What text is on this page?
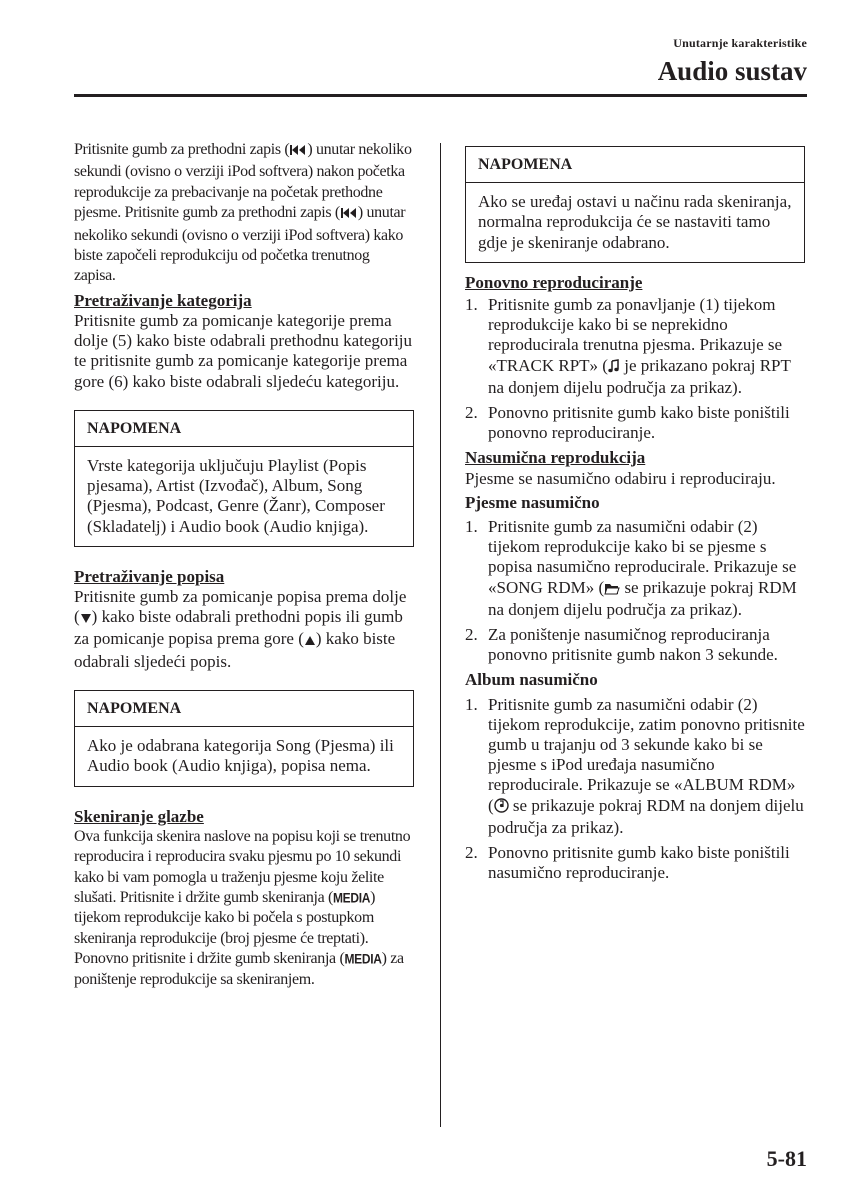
Unutarnje karakteristike
Audio sustav

Pritisnite gumb za prethodni zapis ( ) unutar nekoliko sekundi (ovisno o verziji iPod softvera) nakon početka reprodukcije za prebacivanje na početak prethodne pjesme. Pritisnite gumb za prethodni zapis ( ) unutar nekoliko sekundi (ovisno o verziji iPod softvera) kako biste započeli reprodukciju od početka trenutnog zapisa.

Pretraživanje kategorija

Pritisnite gumb za pomicanje kategorije prema dolje (5) kako biste odabrali prethodnu kategoriju te pritisnite gumb za pomicanje kategorije prema gore (6) kako biste odabrali sljedeću kategoriju.

NAPOMENA
Vrste kategorija uključuju Playlist (Popis pjesama), Artist (Izvođač), Album, Song (Pjesma), Podcast, Genre (Žanr), Composer (Skladatelj) i Audio book (Audio knjiga).

Pretraživanje popisa

Pritisnite gumb za pomicanje popisa prema dolje ( ) kako biste odabrali prethodni popis ili gumb za pomicanje popisa prema gore ( ) kako biste odabrali sljedeći popis.

NAPOMENA
Ako je odabrana kategorija Song (Pjesma) ili Audio book (Audio knjiga), popisa nema.

Skeniranje glazbe

Ova funkcija skenira naslove na popisu koji se trenutno reproducira i reproducira svaku pjesmu po 10 sekundi kako bi vam pomogla u traženju pjesme koju želite slušati. Pritisnite i držite gumb skeniranja (MEDIA) tijekom reprodukcije kako bi počela s postupkom skeniranja reprodukcije (broj pjesme će treptati). Ponovno pritisnite i držite gumb skeniranja (MEDIA) za poništenje reprodukcije sa skeniranjem.

NAPOMENA
Ako se uređaj ostavi u načinu rada skeniranja, normalna reprodukcija će se nastaviti tamo gdje je skeniranje odabrano.

Ponovno reproduciranje

1. Pritisnite gumb za ponavljanje (1) tijekom reprodukcije kako bi se neprekidno reproducirala trenutna pjesma. Prikazuje se «TRACK RPT» ( je prikazano pokraj RPT na donjem dijelu područja za prikaz).
2. Ponovno pritisnite gumb kako biste poništili ponovno reproduciranje.

Nasumična reprodukcija

Pjesme se nasumično odabiru i reproduciraju.

Pjesme nasumično

1. Pritisnite gumb za nasumični odabir (2) tijekom reprodukcije kako bi se pjesme s popisa nasumično reproducirale. Prikazuje se «SONG RDM» ( se prikazuje pokraj RDM na donjem dijelu područja za prikaz).
2. Za poništenje nasumičnog reproduciranja ponovno pritisnite gumb nakon 3 sekunde.

Album nasumično

1. Pritisnite gumb za nasumični odabir (2) tijekom reprodukcije, zatim ponovno pritisnite gumb u trajanju od 3 sekunde kako bi se pjesme s iPod uređaja nasumično reproducirale. Prikazuje se «ALBUM RDM» ( se prikazuje pokraj RDM na donjem dijelu područja za prikaz).
2. Ponovno pritisnite gumb kako biste poništili nasumično reproduciranje.
5-81
